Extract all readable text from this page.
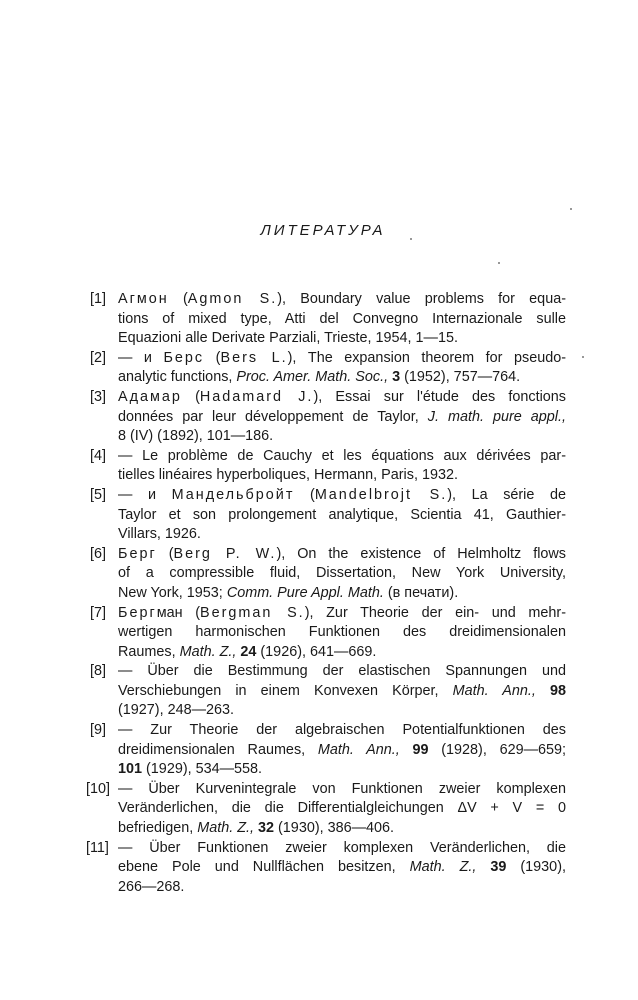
ЛИТЕРАТУРА
[1] Агмон (Agmon S.), Boundary value problems for equa-
tions of mixed type, Atti del Convegno Internazionale sulle
Equazioni alle Derivate Parziali, Trieste, 1954, 1—15.
[2] — и Берс (Bers L.), The expansion theorem for pseudo-
analytic functions, Proc. Amer. Math. Soc., 3 (1952), 757—764.
[3] Адамар (Hadamard J.), Essai sur l'étude des fonctions
données par leur développement de Taylor, J. math. pure appl.,
8 (IV) (1892), 101—186.
[4] — Le problème de Cauchy et les équations aux dérivées par-
tielles linéaires hyperboliques, Hermann, Paris, 1932.
[5] — и Мандельбройт (Mandelbrojt S.), La série de
Taylor et son prolongement analytique, Scientia 41, Gauthier-
Villars, 1926.
[6] Берг (Berg P. W.), On the existence of Helmholtz flows
of a compressible fluid, Dissertation, New York University,
New York, 1953; Comm. Pure Appl. Math. (в печати).
[7] Бергман (Bergman S.), Zur Theorie der ein- und mehr-
wertigen harmonischen Funktionen des dreidimensionalen
Raumes, Math. Z., 24 (1926), 641—669.
[8] — Über die Bestimmung der elastischen Spannungen und
Verschiebungen in einem Konvexen Körper, Math. Ann., 98
(1927), 248—263.
[9] — Zur Theorie der algebraischen Potentialfunktionen des
dreidimensionalen Raumes, Math. Ann., 99 (1928), 629—659;
101 (1929), 534—558.
[10] — Über Kurvenintegrale von Funktionen zweier komplexen
Veränderlichen, die die Differentialgleichungen ΔV + V = 0
befriedigen, Math. Z., 32 (1930), 386—406.
[11] — Über Funktionen zweier komplexen Veränderlichen, die
ebene Pole und Nullflächen besitzen, Math. Z., 39 (1930),
266—268.
